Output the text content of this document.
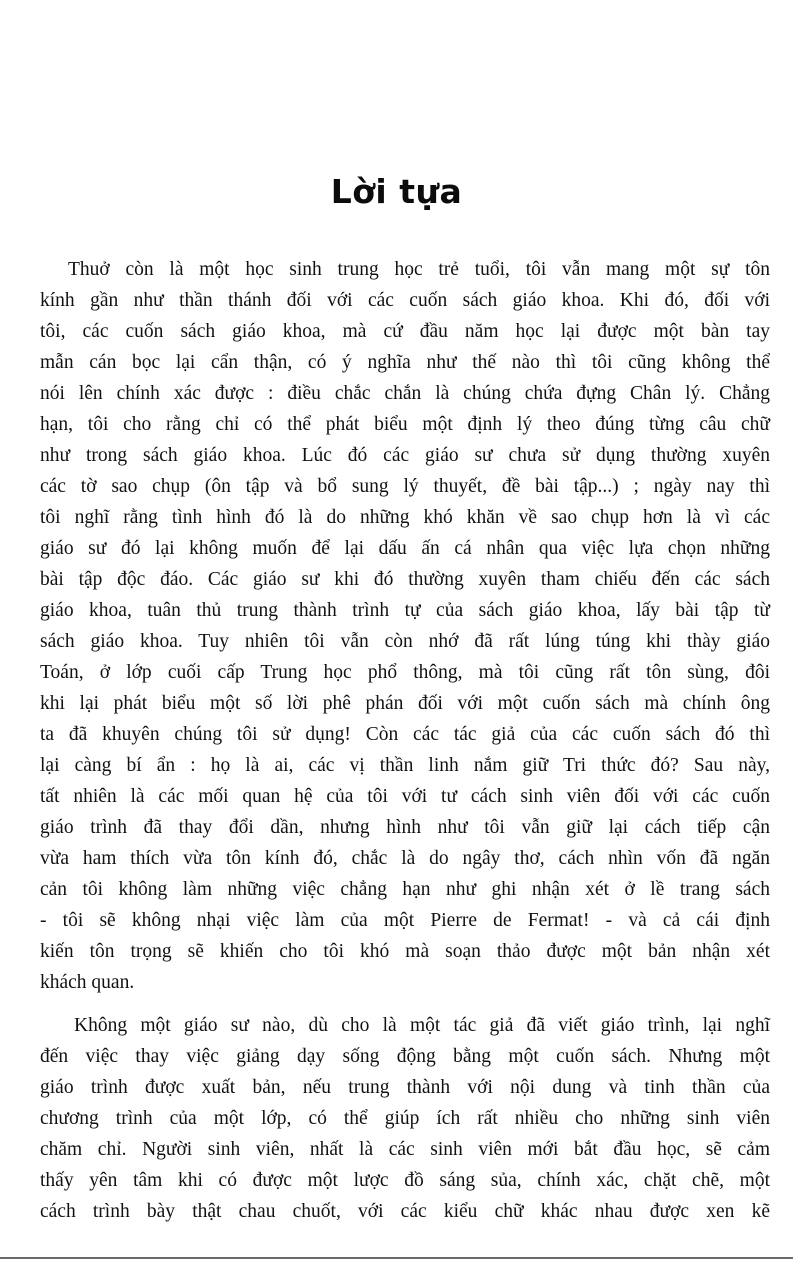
Lời tựa
Thuở còn là một học sinh trung học trẻ tuổi, tôi vẫn mang một sự tôn
kính gần như thần thánh đối với các cuốn sách giáo khoa. Khi đó, đối với
tôi, các cuốn sách giáo khoa, mà cứ đầu năm học lại được một bàn tay
mẫn cán bọc lại cẩn thận, có ý nghĩa như thế nào thì tôi cũng không thể
nói lên chính xác được : điều chắc chắn là chúng chứa đựng Chân lý. Chẳng
hạn, tôi cho rằng chỉ có thể phát biểu một định lý theo đúng từng câu chữ
như trong sách giáo khoa. Lúc đó các giáo sư chưa sử dụng thường xuyên
các tờ sao chụp (ôn tập và bổ sung lý thuyết, đề bài tập...) ; ngày nay thì
tôi nghĩ rằng tình hình đó là do những khó khăn về sao chụp hơn là vì các
giáo sư đó lại không muốn để lại dấu ấn cá nhân qua việc lựa chọn những
bài tập độc đáo. Các giáo sư khi đó thường xuyên tham chiếu đến các sách
giáo khoa, tuân thủ trung thành trình tự của sách giáo khoa, lấy bài tập từ
sách giáo khoa. Tuy nhiên tôi vẫn còn nhớ đã rất lúng túng khi thày giáo
Toán, ở lớp cuối cấp Trung học phổ thông, mà tôi cũng rất tôn sùng, đôi
khi lại phát biểu một số lời phê phán đối với một cuốn sách mà chính ông
ta đã khuyên chúng tôi sử dụng! Còn các tác giả của các cuốn sách đó thì
lại càng bí ẩn : họ là ai, các vị thần linh nắm giữ Tri thức đó? Sau này,
tất nhiên là các mối quan hệ của tôi với tư cách sinh viên đối với các cuốn
giáo trình đã thay đổi dần, nhưng hình như tôi vẫn giữ lại cách tiếp cận
vừa ham thích vừa tôn kính đó, chắc là do ngây thơ, cách nhìn vốn đã ngăn
cản tôi không làm những việc chẳng hạn như ghi nhận xét ở lề trang sách
- tôi sẽ không nhại việc làm của một Pierre de Fermat! - và cả cái định
kiến tôn trọng sẽ khiến cho tôi khó mà soạn thảo được một bản nhận xét
khách quan.
Không một giáo sư nào, dù cho là một tác giả đã viết giáo trình, lại nghĩ
đến việc thay việc giảng dạy sống động bằng một cuốn sách. Nhưng một
giáo trình được xuất bản, nếu trung thành với nội dung và tinh thần của
chương trình của một lớp, có thể giúp ích rất nhiều cho những sinh viên
chăm chỉ. Người sinh viên, nhất là các sinh viên mới bắt đầu học, sẽ cảm
thấy yên tâm khi có được một lược đồ sáng sủa, chính xác, chặt chẽ, một
cách trình bày thật chau chuốt, với các kiểu chữ khác nhau được xen kẽ
